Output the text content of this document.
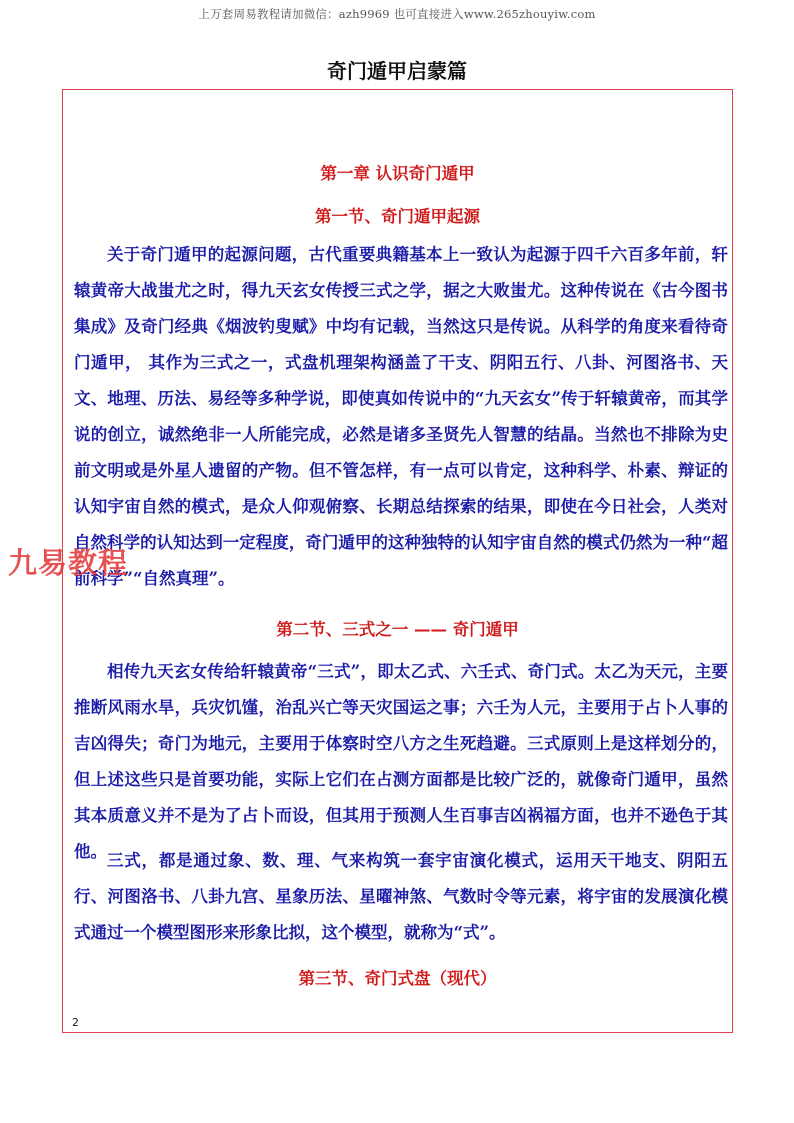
上万套周易教程请加微信：azh9969 也可直接进入www.265zhouyiw.com
奇门遁甲启蒙篇
第一章 认识奇门遁甲
第一节、奇门遁甲起源
关于奇门遁甲的起源问题，古代重要典籍基本上一致认为起源于四千六百多年前，轩辕黄帝大战蚩尤之时，得九天玄女传授三式之学，据之大败蚩尤。这种传说在《古今图书集成》及奇门经典《烟波钓叟赋》中均有记载，当然这只是传说。从科学的角度来看待奇门遁甲， 其作为三式之一，式盘机理架构涵盖了干支、阴阳五行、八卦、河图洛书、天文、地理、历法、易经等多种学说，即使真如传说中的“九天玄女”传于轩辕黄帝，而其学说的创立，诚然绝非一人所能完成，必然是诸多圣贤先人智慧的结晶。当然也不排除为史前文明或是外星人遗留的产物。但不管怎样，有一点可以肯定，这种科学、朴素、辩证的认知宇宙自然的模式，是众人仰观俯察、长期总结探索的结果，即使在今日社会，人类对自然科学的认知达到一定程度，奇门遁甲的这种独特的认知宇宙自然的模式仍然为一种“超前科学”“自然真理”。
第二节、三式之一 —— 奇门遁甲
相传九天玄女传给轩辕黄帝“三式”，即太乙式、六壬式、奇门式。太乙为天元，主要推断风雨水旱，兵灾饥馑，治乱兴亡等天灾国运之事；六壬为人元，主要用于占卜人事的吉凶得失；奇门为地元，主要用于体察时空八方之生死趋避。三式原则上是这样划分的，但上述这些只是首要功能，实际上它们在占测方面都是比较广泛的，就像奇门遁甲，虽然其本质意义并不是为了占卜而设，但其用于预测人生百事吉凶祸福方面，也并不逊色于其他。 三式，都是通过象、数、理、气来构筑一套宇宙演化模式，运用天干地支、阴阳五行、河图洛书、八卦九宫、星象历法、星曜神煞、气数时令等元素，将宇宙的发展演化模式通过一个模型图形来形象比拟，这个模型，就称为“式”。
第三节、奇门式盘（现代）
九易教程
2
